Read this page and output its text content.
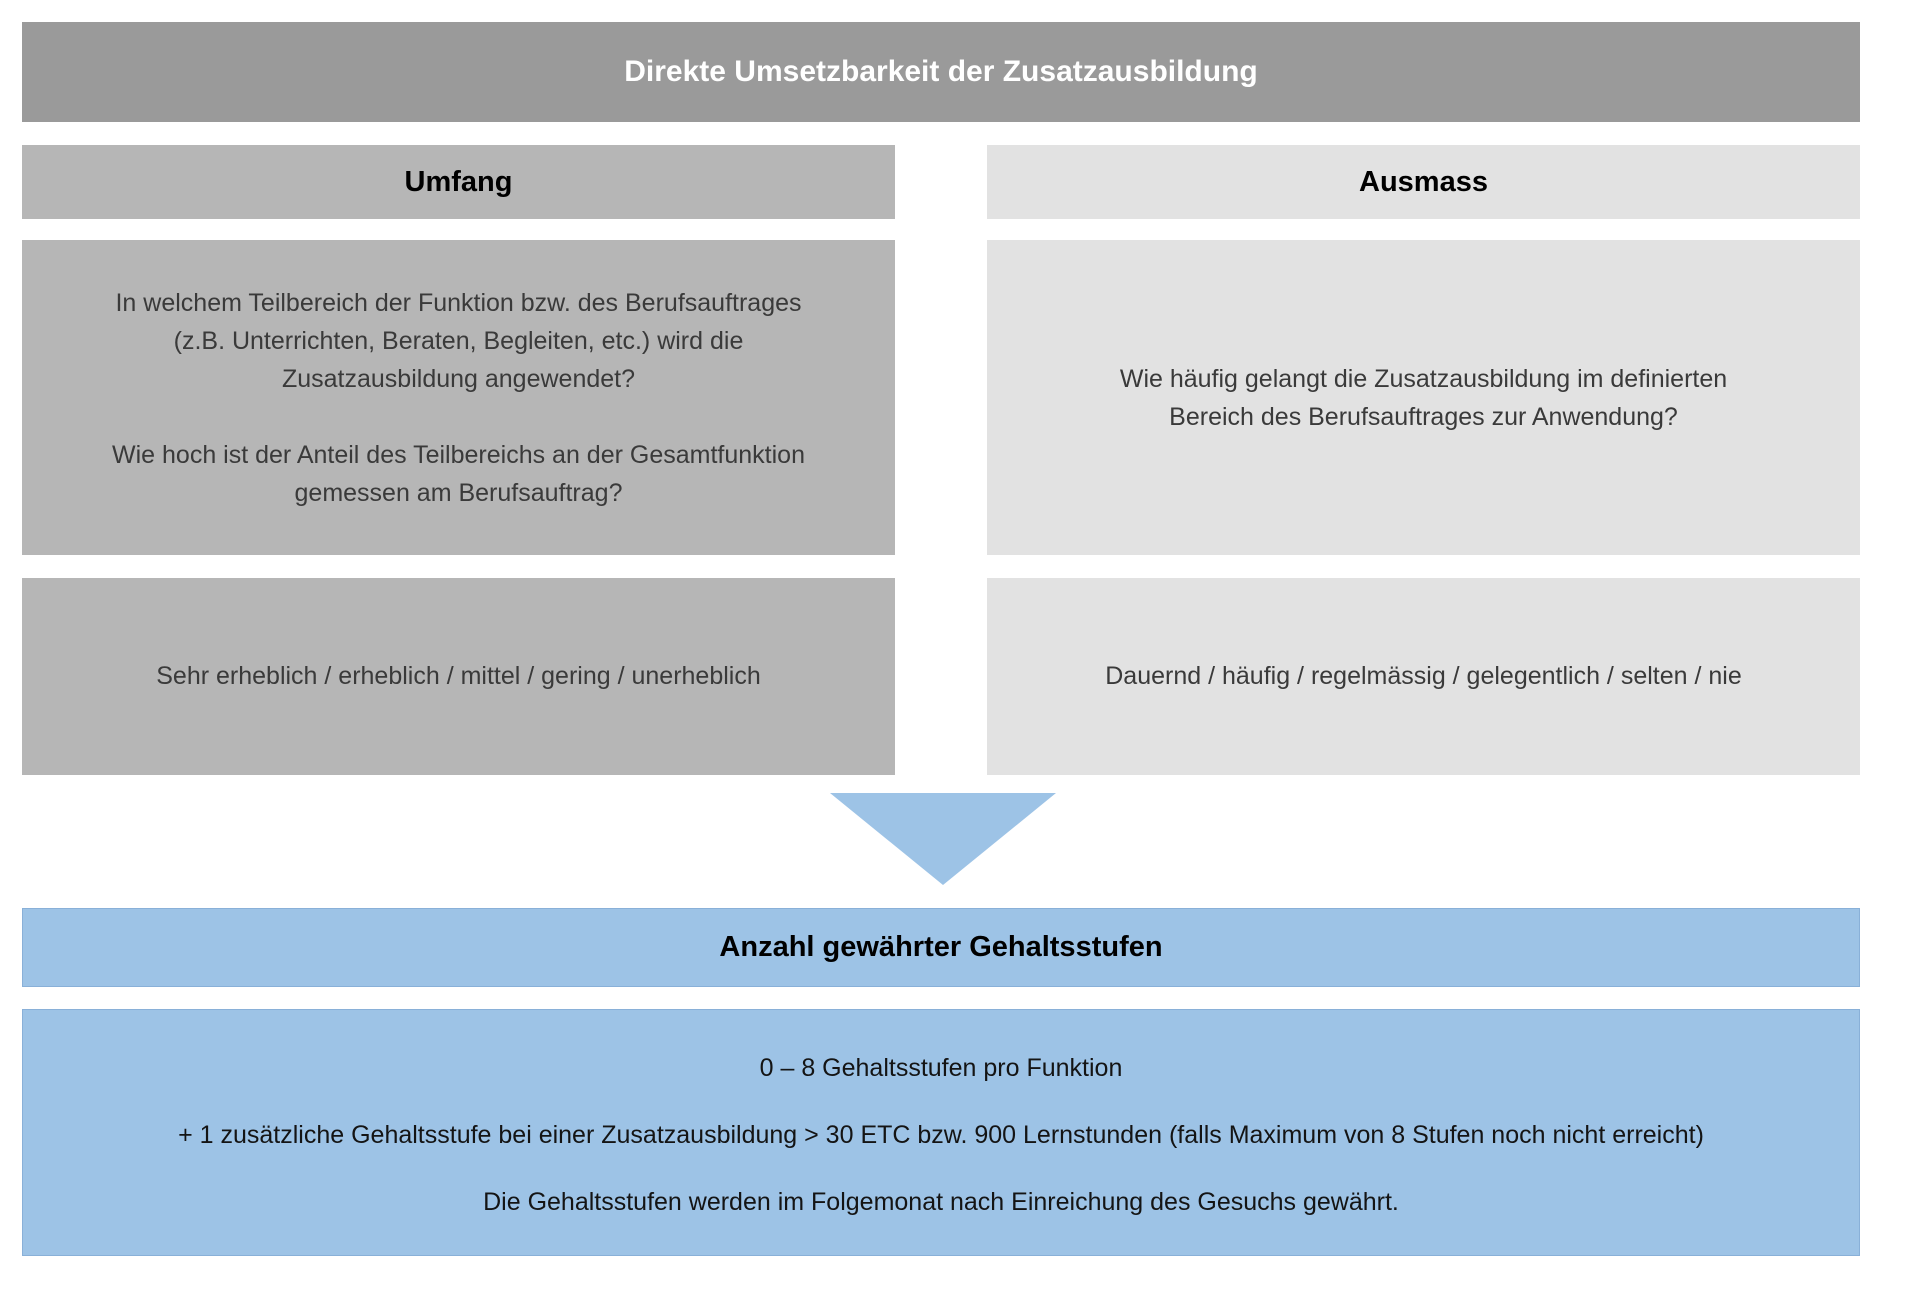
Direkte Umsetzbarkeit der Zusatzausbildung
Umfang	Ausmass
In welchem Teilbereich der Funktion bzw. des Berufsauftrages
(z.B. Unterrichten, Beraten, Begleiten, etc.) wird die
Zusatzausbildung angewendet?
Wie hoch ist der Anteil des Teilbereichs an der Gesamtfunktion
gemessen am Berufsauftrag?
Wie häufig gelangt die Zusatzausbildung im definierten
Bereich des Berufsauftrages zur Anwendung?
Sehr erheblich / erheblich / mittel / gering / unerheblich	Dauernd / häufig / regelmässig / gelegentlich / selten / nie
Anzahl gewährter Gehaltsstufen
0 – 8 Gehaltsstufen pro Funktion
+ 1 zusätzliche Gehaltsstufe bei einer Zusatzausbildung > 30 ETC bzw. 900 Lernstunden (falls Maximum von 8 Stufen noch nicht erreicht)
Die Gehaltsstufen werden im Folgemonat nach Einreichung des Gesuchs gewährt.
